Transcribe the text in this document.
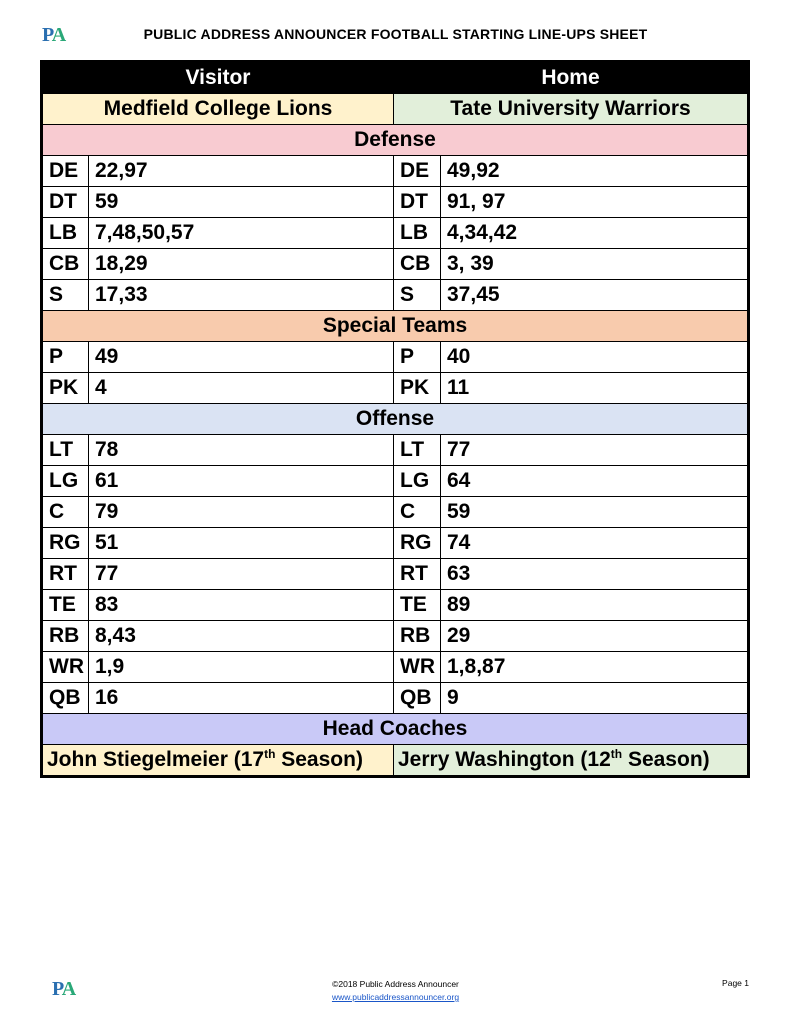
PA	PUBLIC ADDRESS ANNOUNCER FOOTBALL STARTING LINE-UPS SHEET
Visitor		Home	
Medfield College Lions		Tate University Warriors	
Defense			
DE	22,97	DE	49,92
DT	59	DT	91, 97
LB	7,48,50,57	LB	4,34,42
CB	18,29	CB	3, 39
S	17,33	S	37,45
Special Teams			
P	49	P	40
PK	4	PK	11
Offense			
LT	78	LT	77
LG	61	LG	64
C	79	C	59
RG	51	RG	74
RT	77	RT	63
TE	83	TE	89
RB	8,43	RB	29
WR	1,9	WR	1,8,87
QB	16	QB	9
Head Coaches			
John Stiegelmeier (17th Season)		Jerry Washington (12th Season)	
PA	©2018 Public Address Announcer
www.publicaddressannouncer.org
Page 1
